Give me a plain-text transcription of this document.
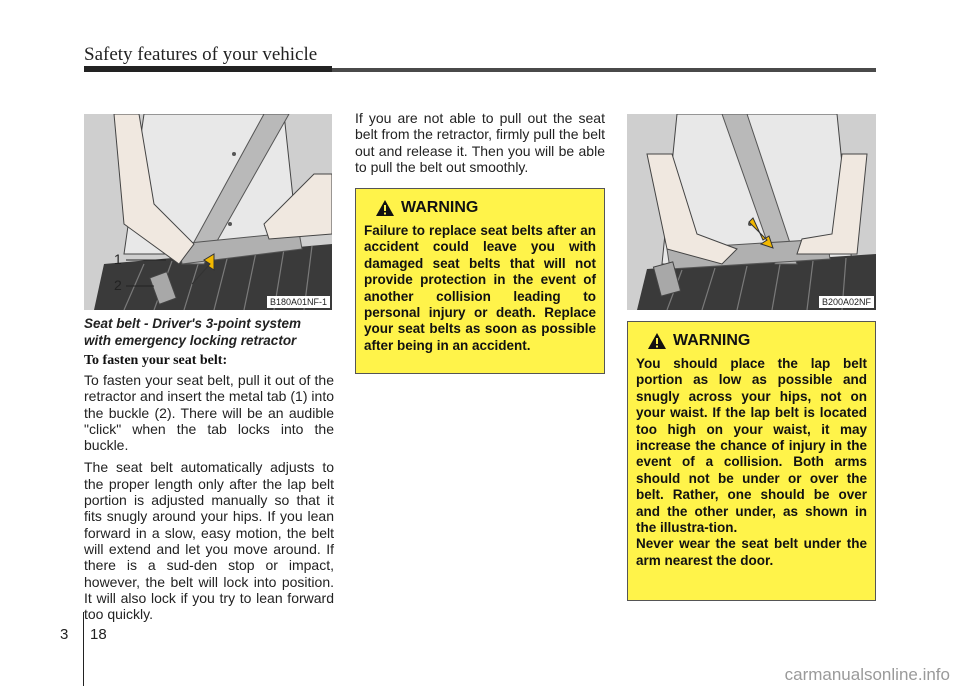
Safety features of your vehicle
1
2
B180A01NF-1
Seat belt - Driver's 3-point system
with emergency locking retractor
To fasten your seat belt:

To fasten your seat belt, pull it out of the retractor and insert the metal tab (1) into the buckle (2). There will be an audible "click" when the tab locks into the buckle.

The seat belt automatically adjusts to the proper length only after the lap belt portion is adjusted manually so that it fits snugly around your hips. If you lean forward in a slow, easy motion, the belt will extend and let you move around. If there is a sud-den stop or impact, however, the belt will lock into position. It will also lock if you try to lean forward too quickly.

If you are not able to pull out the seat belt from the retractor, firmly pull the belt out and release it. Then you will be able to pull the belt out smoothly.

WARNING

Failure to replace seat belts after an accident could leave you with damaged seat belts that will not provide protection in the event of another collision leading to personal injury or death. Replace your seat belts as soon as possible after being in an accident.

B200A02NF
WARNING

You should place the lap belt portion as low as possible and snugly across your hips, not on your waist. If the lap belt is located too high on your waist, it may increase the chance of injury in the event of a collision. Both arms should not be under or over the belt. Rather, one should be over and the other under, as shown in the illustra-tion.

Never wear the seat belt under the arm nearest the door.

3 18
carmanualsonline.info
